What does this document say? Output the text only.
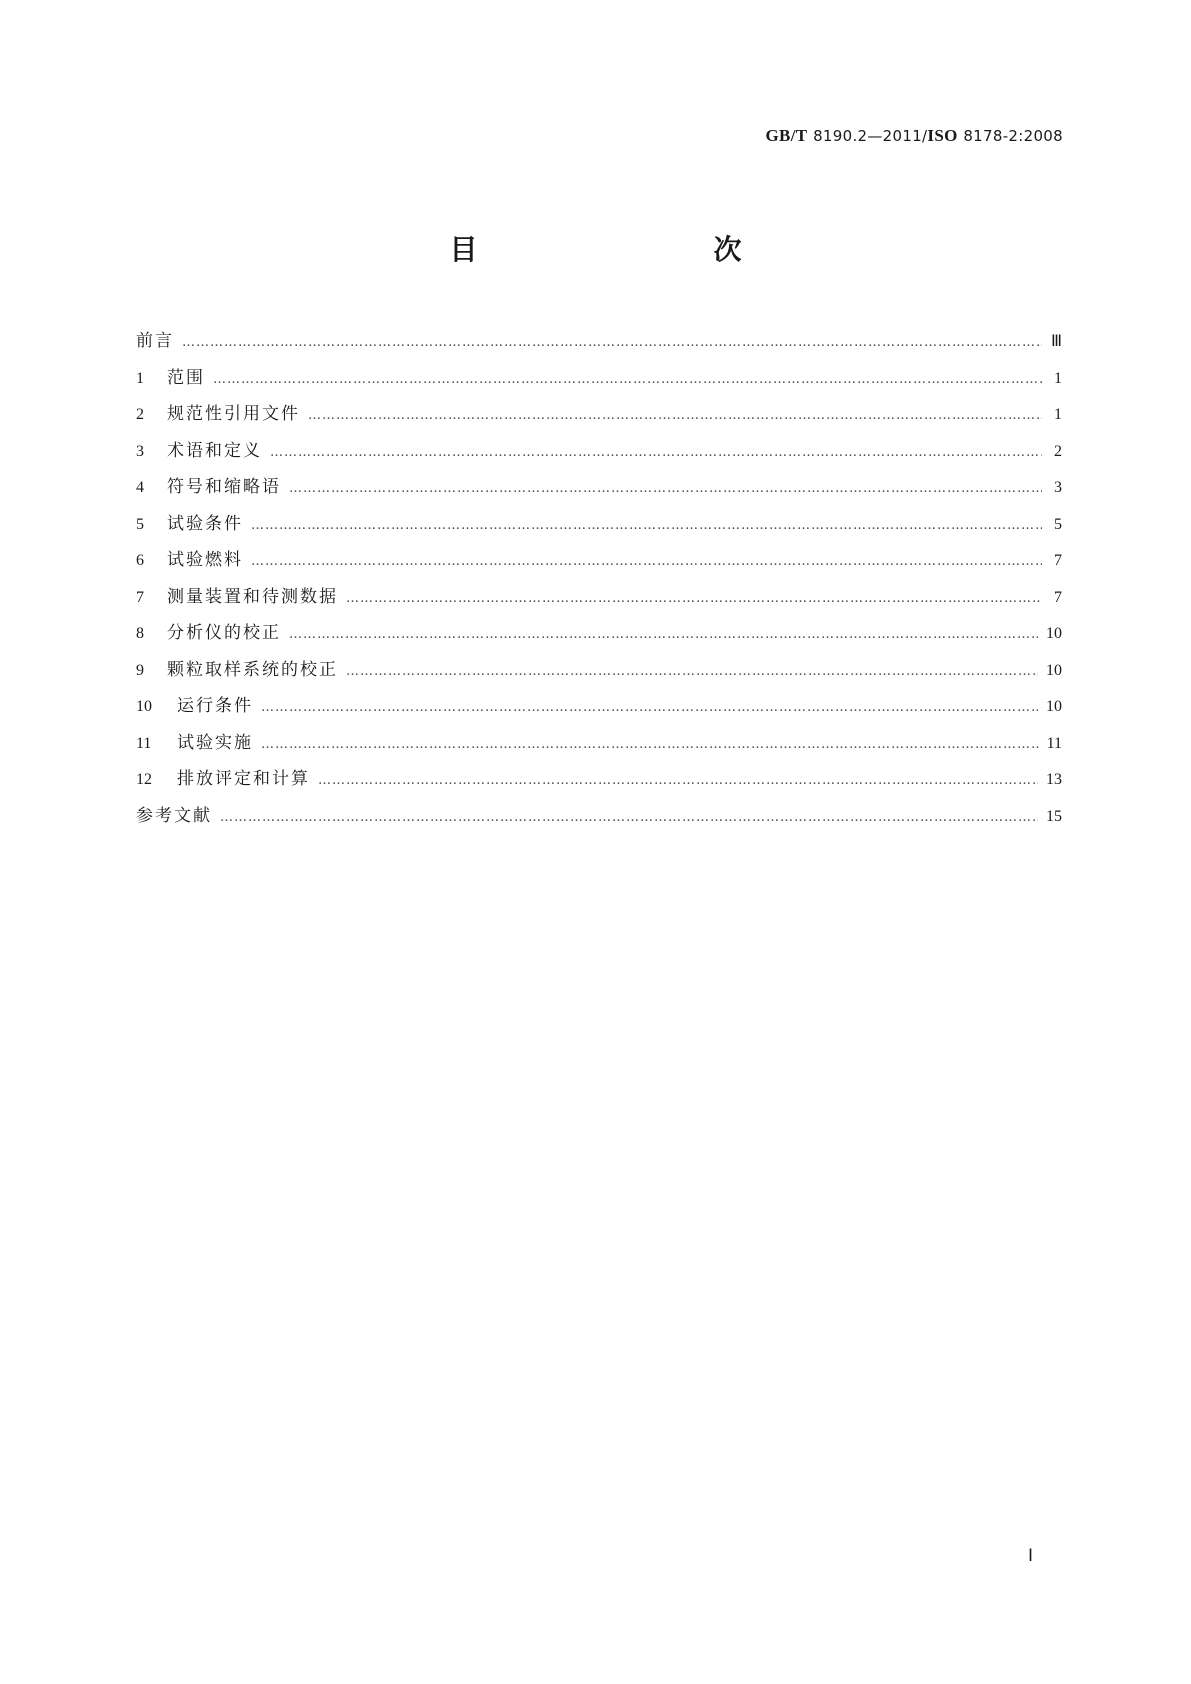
GB/T 8190.2—2011/ISO 8178-2:2008
目　　次
前言 …………………………………………………………………………………………………………………………………………………………………………………………………………………………	Ⅲ
1	范围 …………………………………………………………………………………………………………………………………………………………………………………………………………………………	1
2	规范性引用文件 …………………………………………………………………………………………………………………………………………………………………………………………………………………………	1
3	术语和定义 …………………………………………………………………………………………………………………………………………………………………………………………………………………………	2
4	符号和缩略语 …………………………………………………………………………………………………………………………………………………………………………………………………………………………	3
5	试验条件 …………………………………………………………………………………………………………………………………………………………………………………………………………………………	5
6	试验燃料 …………………………………………………………………………………………………………………………………………………………………………………………………………………………	7
7	测量装置和待测数据 …………………………………………………………………………………………………………………………………………………………………………………………………………………………	7
8	分析仪的校正 …………………………………………………………………………………………………………………………………………………………………………………………………………………………	10
9	颗粒取样系统的校正 …………………………………………………………………………………………………………………………………………………………………………………………………………………………	10
10	运行条件 …………………………………………………………………………………………………………………………………………………………………………………………………………………………	10
11	试验实施 …………………………………………………………………………………………………………………………………………………………………………………………………………………………	11
12	排放评定和计算 …………………………………………………………………………………………………………………………………………………………………………………………………………………………	13
参考文献 …………………………………………………………………………………………………………………………………………………………………………………………………………………………	15
Ⅰ
